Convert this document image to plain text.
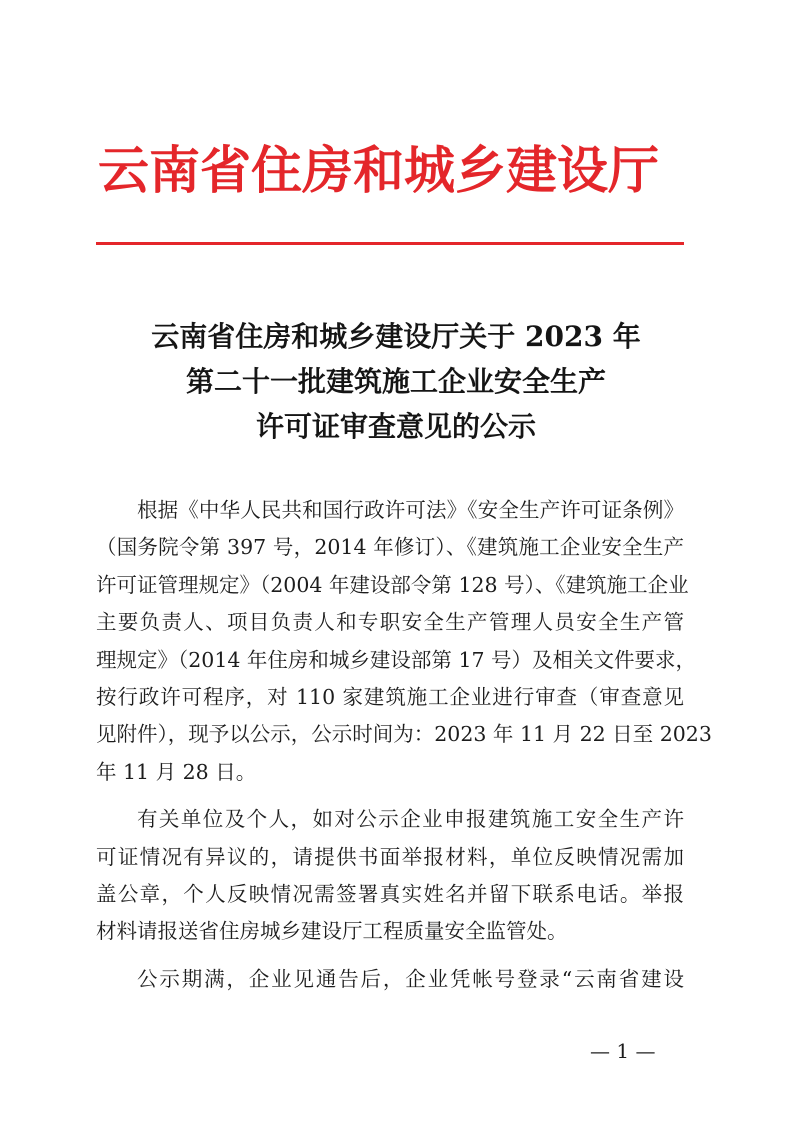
云南省住房和城乡建设厅
云南省住房和城乡建设厅关于 2023 年
第二十一批建筑施工企业安全生产
许可证审查意见的公示
根据《中华人民共和国行政许可法》《安全生产许可证条例》
（国务院令第 397 号，2014 年修订）、《建筑施工企业安全生产
许可证管理规定》（2004 年建设部令第 128 号）、《建筑施工企业
主要负责人、项目负责人和专职安全生产管理人员安全生产管
理规定》（2014 年住房和城乡建设部第 17 号）及相关文件要求，
按行政许可程序，对 110 家建筑施工企业进行审查（审查意见
见附件），现予以公示，公示时间为：2023 年 11 月 22 日至 2023
年 11 月 28 日。
有关单位及个人，如对公示企业申报建筑施工安全生产许
可证情况有异议的，请提供书面举报材料，单位反映情况需加
盖公章，个人反映情况需签署真实姓名并留下联系电话。举报
材料请报送省住房城乡建设厅工程质量安全监管处。
公示期满，企业见通告后，企业凭帐号登录“云南省建设
— 1 —
